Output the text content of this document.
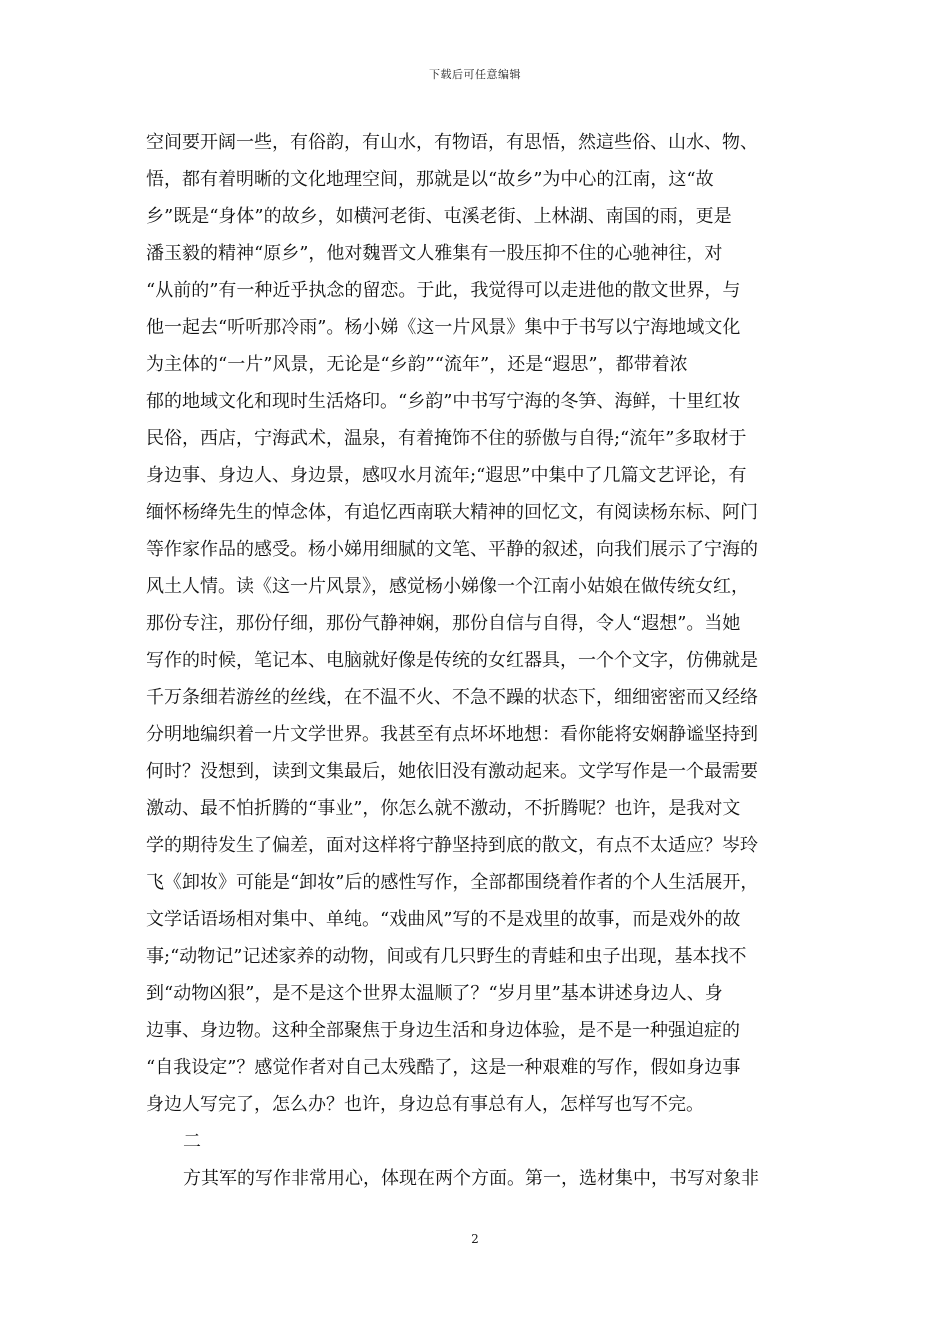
下载后可任意编辑
空间要开阔一些，有俗韵，有山水，有物语，有思悟，然這些俗、山水、物、
悟，都有着明晰的文化地理空间，那就是以“故乡”为中心的江南，这“故
乡”既是“身体”的故乡，如横河老街、屯溪老街、上林湖、南国的雨，更是
潘玉毅的精神“原乡”，他对魏晋文人雅集有一股压抑不住的心驰神往，对
“从前的”有一种近乎执念的留恋。于此，我觉得可以走进他的散文世界，与
他一起去“听听那冷雨”。杨小娣《这一片风景》集中于书写以宁海地域文化
为主体的“一片”风景，无论是“乡韵”“流年”，还是“遐思”，都带着浓
郁的地域文化和现时生活烙印。“乡韵”中书写宁海的冬笋、海鲜，十里红妆
民俗，西店，宁海武术，温泉，有着掩饰不住的骄傲与自得;“流年”多取材于
身边事、身边人、身边景，感叹水月流年;“遐思”中集中了几篇文艺评论，有
缅怀杨绛先生的悼念体，有追忆西南联大精神的回忆文，有阅读杨东标、阿门
等作家作品的感受。杨小娣用细腻的文笔、平静的叙述，向我们展示了宁海的
风土人情。读《这一片风景》，感觉杨小娣像一个江南小姑娘在做传统女红，
那份专注，那份仔细，那份气静神娴，那份自信与自得，令人“遐想”。当她
写作的时候，笔记本、电脑就好像是传统的女红器具，一个个文字，仿佛就是
千万条细若游丝的丝线，在不温不火、不急不躁的状态下，细细密密而又经络
分明地编织着一片文学世界。我甚至有点坏坏地想：看你能将安娴静谧坚持到
何时？没想到，读到文集最后，她依旧没有激动起来。文学写作是一个最需要
激动、最不怕折腾的“事业”，你怎么就不激动，不折腾呢？也许，是我对文
学的期待发生了偏差，面对这样将宁静坚持到底的散文，有点不太适应？岑玲
飞《卸妆》可能是“卸妆”后的感性写作，全部都围绕着作者的个人生活展开，
文学话语场相对集中、单纯。“戏曲风”写的不是戏里的故事，而是戏外的故
事;“动物记”记述家养的动物，间或有几只野生的青蛙和虫子出现，基本找不
到“动物凶狠”，是不是这个世界太温顺了？“岁月里”基本讲述身边人、身
边事、身边物。这种全部聚焦于身边生活和身边体验，是不是一种强迫症的
“自我设定”？感觉作者对自己太残酷了，这是一种艰难的写作，假如身边事
身边人写完了，怎么办？也许，身边总有事总有人，怎样写也写不完。
二
方其军的写作非常用心，体现在两个方面。第一，选材集中，书写对象非
2
